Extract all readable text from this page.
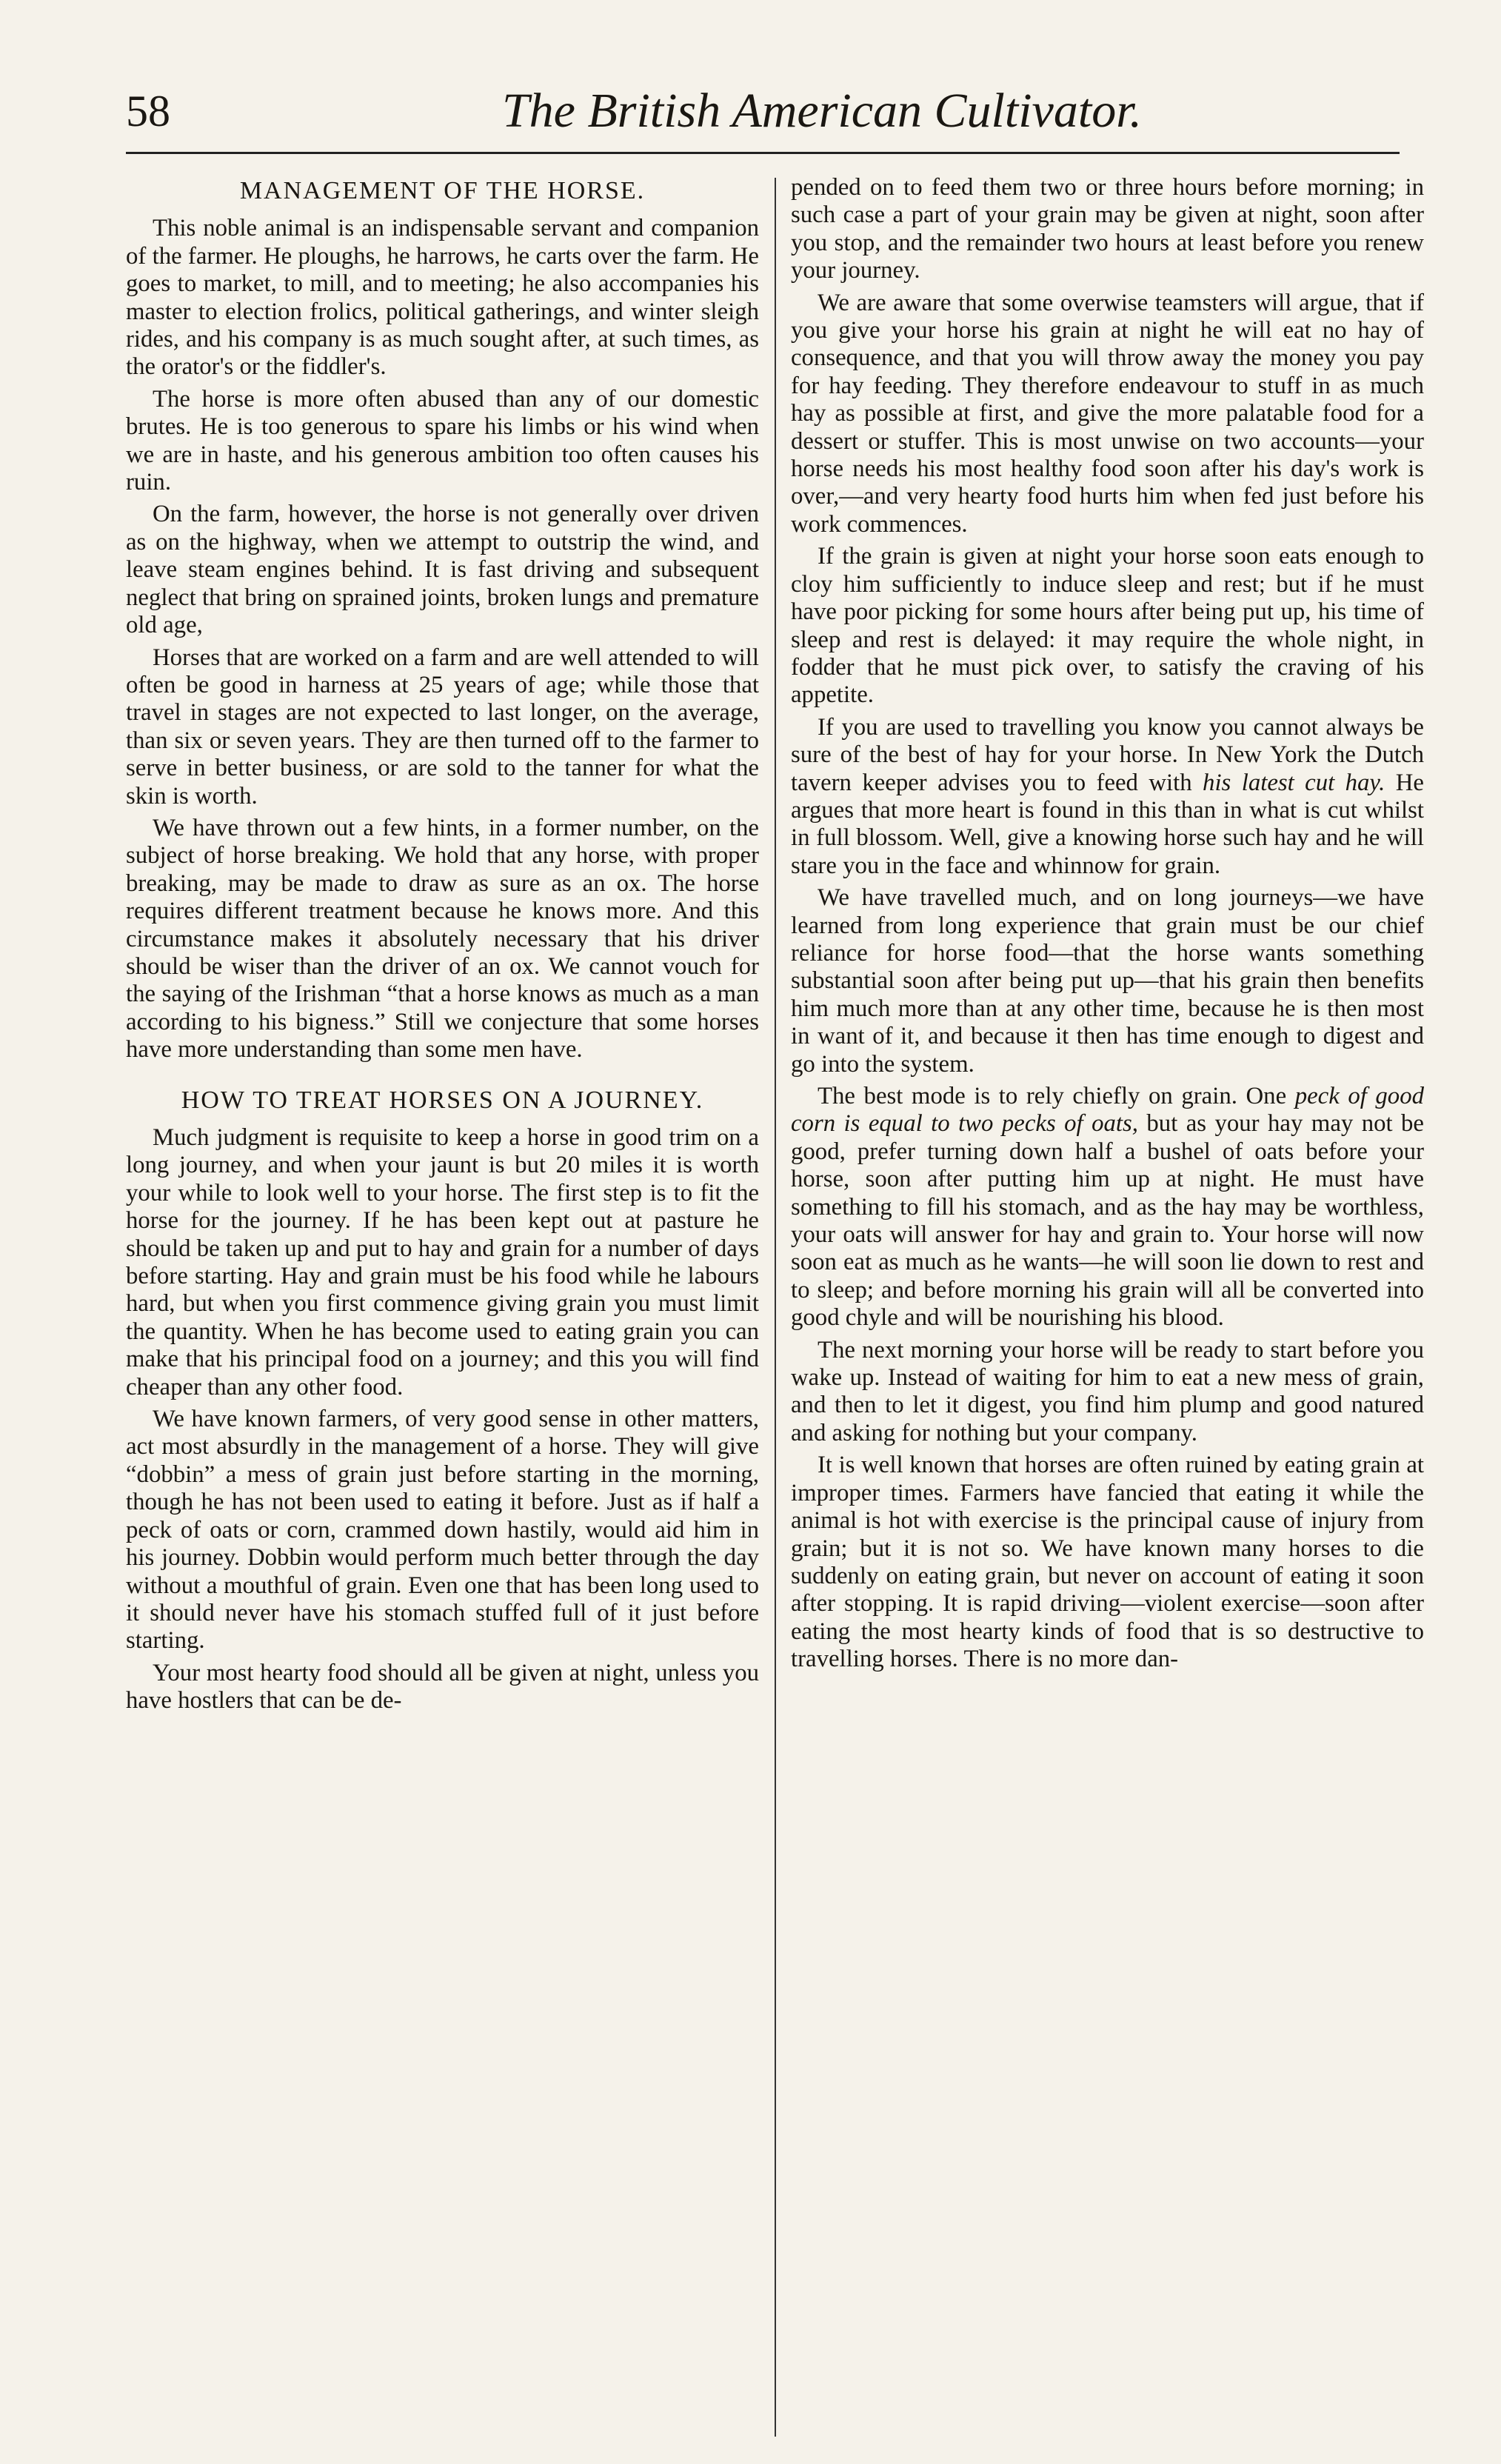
58	The British American Cultivator.
MANAGEMENT OF THE HORSE.

This noble animal is an indispensable servant and companion of the farmer. He ploughs, he harrows, he carts over the farm. He goes to market, to mill, and to meeting; he also accompanies his master to election frolics, political gatherings, and winter sleigh rides, and his company is as much sought after, at such times, as the orator's or the fiddler's.

The horse is more often abused than any of our domestic brutes. He is too generous to spare his limbs or his wind when we are in haste, and his generous ambition too often causes his ruin.

On the farm, however, the horse is not generally over driven as on the highway, when we attempt to outstrip the wind, and leave steam engines behind. It is fast driving and subsequent neglect that bring on sprained joints, broken lungs and premature old age,

Horses that are worked on a farm and are well attended to will often be good in harness at 25 years of age; while those that travel in stages are not expected to last longer, on the average, than six or seven years. They are then turned off to the farmer to serve in better business, or are sold to the tanner for what the skin is worth.

We have thrown out a few hints, in a former number, on the subject of horse breaking. We hold that any horse, with proper breaking, may be made to draw as sure as an ox. The horse requires different treatment because he knows more. And this circumstance makes it absolutely necessary that his driver should be wiser than the driver of an ox. We cannot vouch for the saying of the Irishman “that a horse knows as much as a man according to his bigness.” Still we conjecture that some horses have more understanding than some men have.

HOW TO TREAT HORSES ON A JOURNEY.

Much judgment is requisite to keep a horse in good trim on a long journey, and when your jaunt is but 20 miles it is worth your while to look well to your horse. The first step is to fit the horse for the journey. If he has been kept out at pasture he should be taken up and put to hay and grain for a number of days before starting. Hay and grain must be his food while he labours hard, but when you first commence giving grain you must limit the quantity. When he has become used to eating grain you can make that his principal food on a journey; and this you will find cheaper than any other food.

We have known farmers, of very good sense in other matters, act most absurdly in the management of a horse. They will give “dobbin” a mess of grain just before starting in the morning, though he has not been used to eating it before. Just as if half a peck of oats or corn, crammed down hastily, would aid him in his journey. Dobbin would perform much better through the day without a mouthful of grain. Even one that has been long used to it should never have his stomach stuffed full of it just before starting.

Your most hearty food should all be given at night, unless you have hostlers that can be de-

pended on to feed them two or three hours before morning; in such case a part of your grain may be given at night, soon after you stop, and the remainder two hours at least before you renew your journey.

We are aware that some overwise teamsters will argue, that if you give your horse his grain at night he will eat no hay of consequence, and that you will throw away the money you pay for hay feeding. They therefore endeavour to stuff in as much hay as possible at first, and give the more palatable food for a dessert or stuffer. This is most unwise on two accounts—your horse needs his most healthy food soon after his day's work is over,—and very hearty food hurts him when fed just before his work commences.

If the grain is given at night your horse soon eats enough to cloy him sufficiently to induce sleep and rest; but if he must have poor picking for some hours after being put up, his time of sleep and rest is delayed: it may require the whole night, in fodder that he must pick over, to satisfy the craving of his appetite.

If you are used to travelling you know you cannot always be sure of the best of hay for your horse. In New York the Dutch tavern keeper advises you to feed with his latest cut hay. He argues that more heart is found in this than in what is cut whilst in full blossom. Well, give a knowing horse such hay and he will stare you in the face and whinnow for grain.

We have travelled much, and on long journeys—we have learned from long experience that grain must be our chief reliance for horse food—that the horse wants something substantial soon after being put up—that his grain then benefits him much more than at any other time, because he is then most in want of it, and because it then has time enough to digest and go into the system.

The best mode is to rely chiefly on grain. One peck of good corn is equal to two pecks of oats, but as your hay may not be good, prefer turning down half a bushel of oats before your horse, soon after putting him up at night. He must have something to fill his stomach, and as the hay may be worthless, your oats will answer for hay and grain to. Your horse will now soon eat as much as he wants—he will soon lie down to rest and to sleep; and before morning his grain will all be converted into good chyle and will be nourishing his blood.

The next morning your horse will be ready to start before you wake up. Instead of waiting for him to eat a new mess of grain, and then to let it digest, you find him plump and good natured and asking for nothing but your company.

It is well known that horses are often ruined by eating grain at improper times. Farmers have fancied that eating it while the animal is hot with exercise is the principal cause of injury from grain; but it is not so. We have known many horses to die suddenly on eating grain, but never on account of eating it soon after stopping. It is rapid driving—violent exercise—soon after eating the most hearty kinds of food that is so destructive to travelling horses. There is no more dan-
